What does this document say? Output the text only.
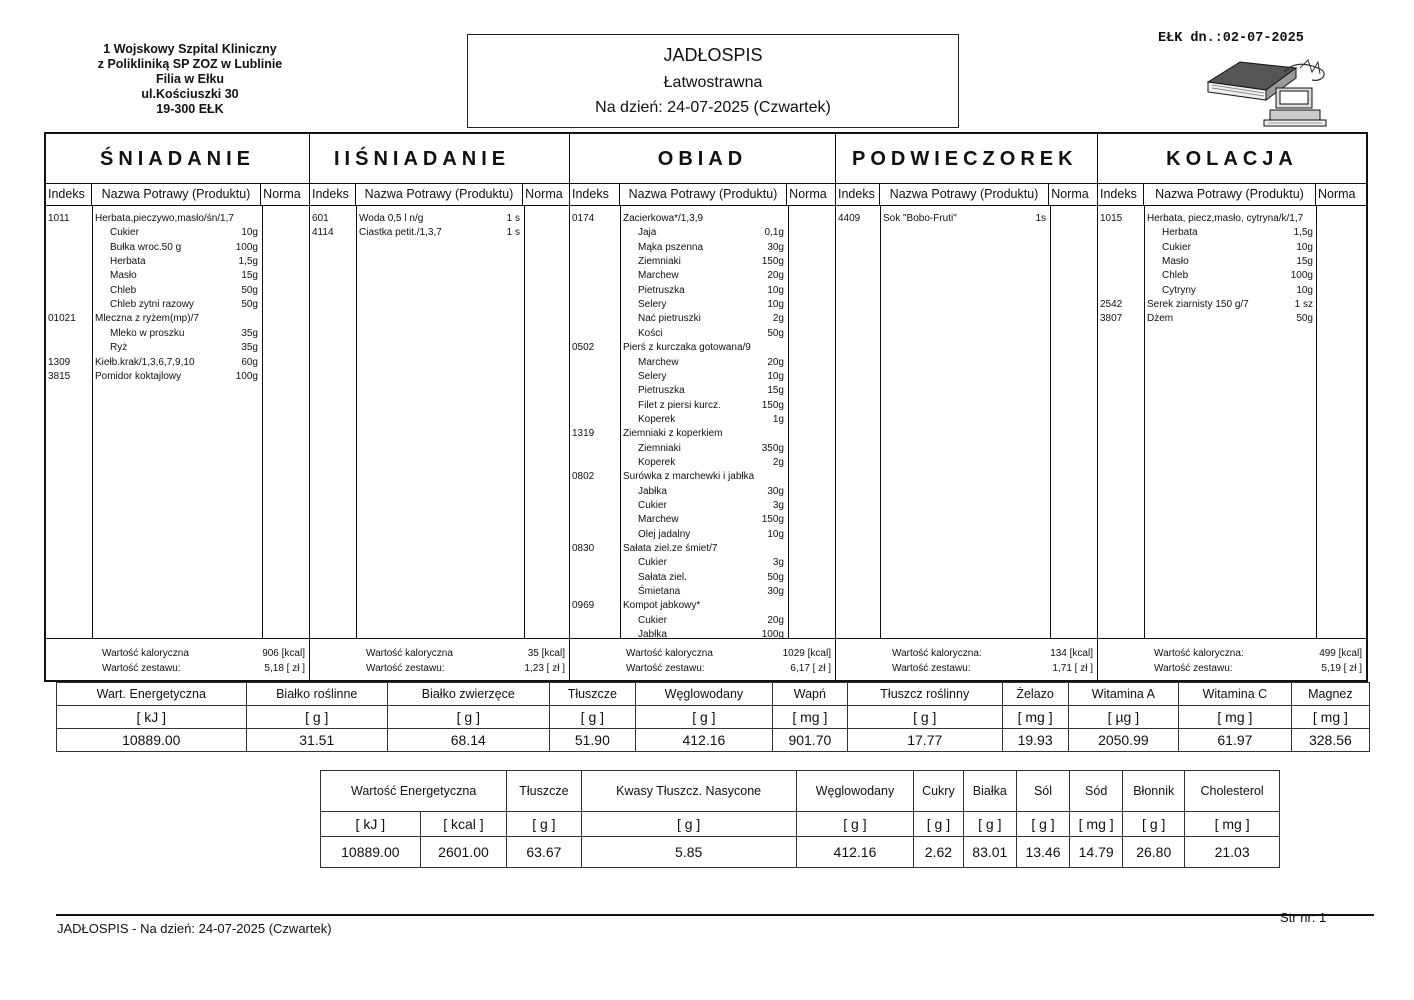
1 Wojskowy Szpital Kliniczny
z Polikliniką SP ZOZ w Lublinie
Filia w Ełku
ul.Kościuszki 30
19-300 EŁK
JADŁOSPIS
Łatwostrawna
Na dzień: 24-07-2025 (Czwartek)
EŁK dn.:02-07-2025
ŚNIADANIE
Indeks	Nazwa Potrawy (Produktu)	Norma
1011	Herbata,pieczywo,masło/śn/1,7
Cukier	10g
Bułka wroc.50 g	100g
Herbata	1,5g
Masło	15g
Chleb	50g
Chleb zytni razowy	50g
01021 Mleczna z ryżem(mp)/7
Mleko w proszku	35g
Ryż	35g
1309 Kiełb.krak/1,3,6,7,9,10	60g
3815 Pomidor koktajlowy	100g
Wartość kaloryczna	906 [kcal]
Wartość zestawu:	5,18 [ zł ]
IIŚNIADANIE
Indeks	Nazwa Potrawy (Produktu) Norma
601	Woda 0,5 l n/g	1 s
4114	Ciastka petit./1,3,7	1 s
Wartość kaloryczna	35 [kcal]
Wartość zestawu:	1,23 [ zł ]
OBIAD
Indeks	Nazwa Potrawy (Produktu) Norma
0174	Zacierkowa*/1,3,9
Jaja	0,1g
Mąka pszenna	30g
Ziemniaki	150g
Marchew	20g
Pietruszka	10g
Selery	10g
Nać pietruszki	2g
Kości	50g
0502	Pierś z kurczaka gotowana/9
Marchew	20g
Selery	10g
Pietruszka	15g
Filet z piersi kurcz.	150g
Koperek	1g
1319	Ziemniaki z koperkiem
Ziemniaki	350g
Koperek	2g
0802	Surówka z marchewki i jabłka
Jabłka	30g
Cukier	3g
Marchew	150g
Olej jadalny	10g
0830	Sałata ziel.ze śmiet/7
Cukier	3g
Sałata ziel.	50g
Śmietana	30g
0969	Kompot jabkowy*
Cukier	20g
Jabłka	100g
Wartość kaloryczna	1029 [kcal]
Wartość zestawu:	6,17 [ zł ]
PODWIECZOREK
Indeks	Nazwa Potrawy (Produktu)	Norma
4409 Sok "Bobo-Fruti"	1s
Wartość kaloryczna:	134 [kcal]
Wartość zestawu:	1,71 [ zł ]
KOLACJA
Indeks	Nazwa Potrawy (Produktu)	Norma
1015 Herbata, piecz,masło, cytryna/k/1,7
Herbata	1,5g
Cukier	10g
Masło	15g
Chleb	100g
Cytryny	10g
2542 Serek ziarnisty 150 g/7	1 sz
3807 Dżem	50g
Wartość kaloryczna:	499 [kcal]
Wartość zestawu:	5,19 [ zł ]
Wart. Energetyczna	Białko roślinne	Białko zwierzęce	Tłuszcze	Węglowodany	Wapń	Tłuszcz roślinny	Żelazo	Witamina A	Witamina C	Magnez
[ kJ ]	[ g ]	[ g ]	[ g ]	[ g ]	[ mg ]	[ g ]	[ mg ]	[ µg ]	[ mg ]	[ mg ]
10889.00	31.51	68.14	51.90	412.16	901.70	17.77	19.93	2050.99	61.97	328.56
Wartość Energetyczna		Tłuszcze	Kwasy Tłuszcz. Nasycone	Węglowodany	Cukry	Białka	Sól	Sód	Błonnik	Cholesterol
[ kJ ]	[ kcal ]	[ g ]	[ g ]	[ g ]	[ g ]	[ g ]	[ g ]	[ mg ]	[ g ]	[ mg ]
10889.00	2601.00	63.67	5.85	412.16	2.62	83.01	13.46	14.79	26.80	21.03
JADŁOSPIS - Na dzień: 24-07-2025 (Czwartek)
Str nr: 1
